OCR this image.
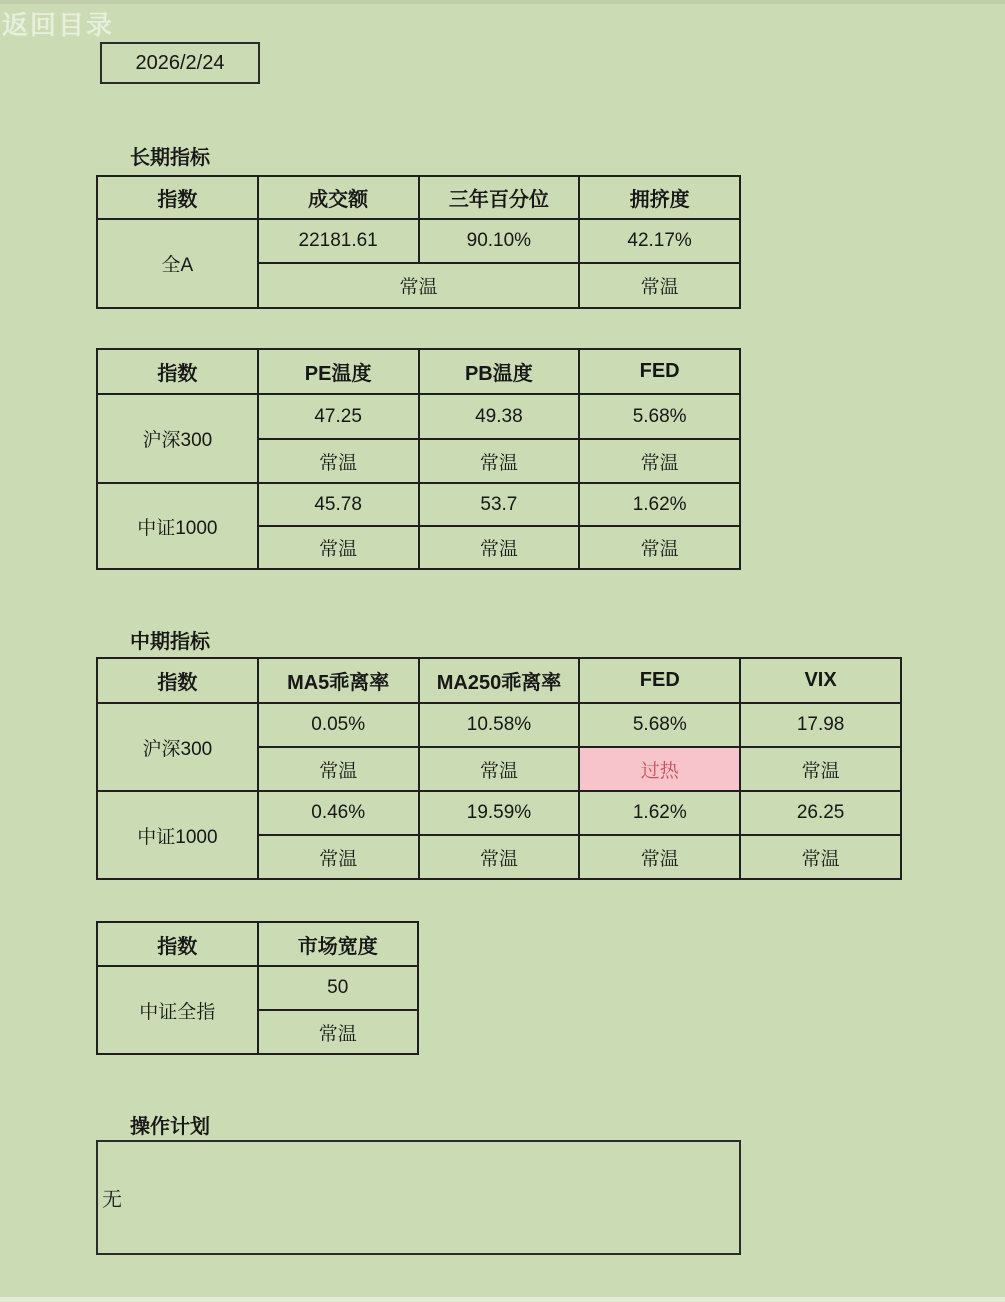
返回目录
2026/2/24
长期指标
指数	成交额	三年百分位	拥挤度
全A	22181.61	90.10%	42.17%
	常温		常温
指数	PE温度	PB温度	FED
沪深300	47.25	49.38	5.68%
	常温	常温	常温
中证1000	45.78	53.7	1.62%
	常温	常温	常温
中期指标
指数	MA5乖离率	MA250乖离率	FED	VIX
沪深300	0.05%	10.58%	5.68%	17.98
	常温	常温	过热	常温
中证1000	0.46%	19.59%	1.62%	26.25
	常温	常温	常温	常温
指数	市场宽度
中证全指	50
	常温
操作计划
无
